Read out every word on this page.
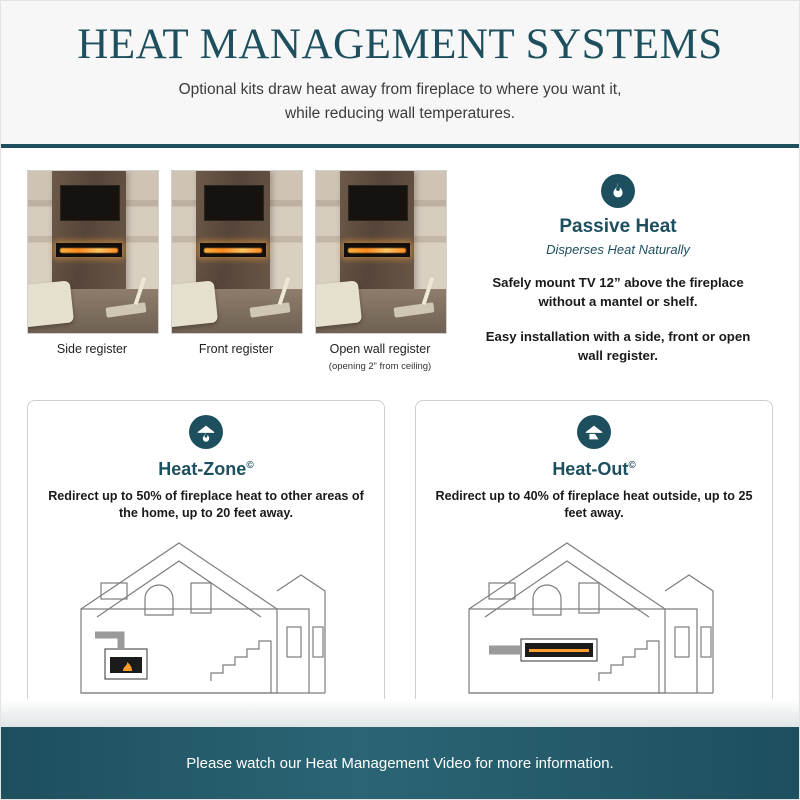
HEAT MANAGEMENT SYSTEMS
Optional kits draw heat away from fireplace to where you want it,
while reducing wall temperatures.
Side register	Front register	Open wall register
(opening 2” from ceiling)
Passive Heat
Disperses Heat Naturally
Safely mount TV 12” above the fireplace without a mantel or shelf.
Easy installation with a side, front or open wall register.
Heat-Zone©
Redirect up to 50% of fireplace heat to other areas of the home, up to 20 feet away.
Heat-Out©
Redirect up to 40% of fireplace heat outside, up to 25 feet away.
Please watch our Heat Management Video for more information.
